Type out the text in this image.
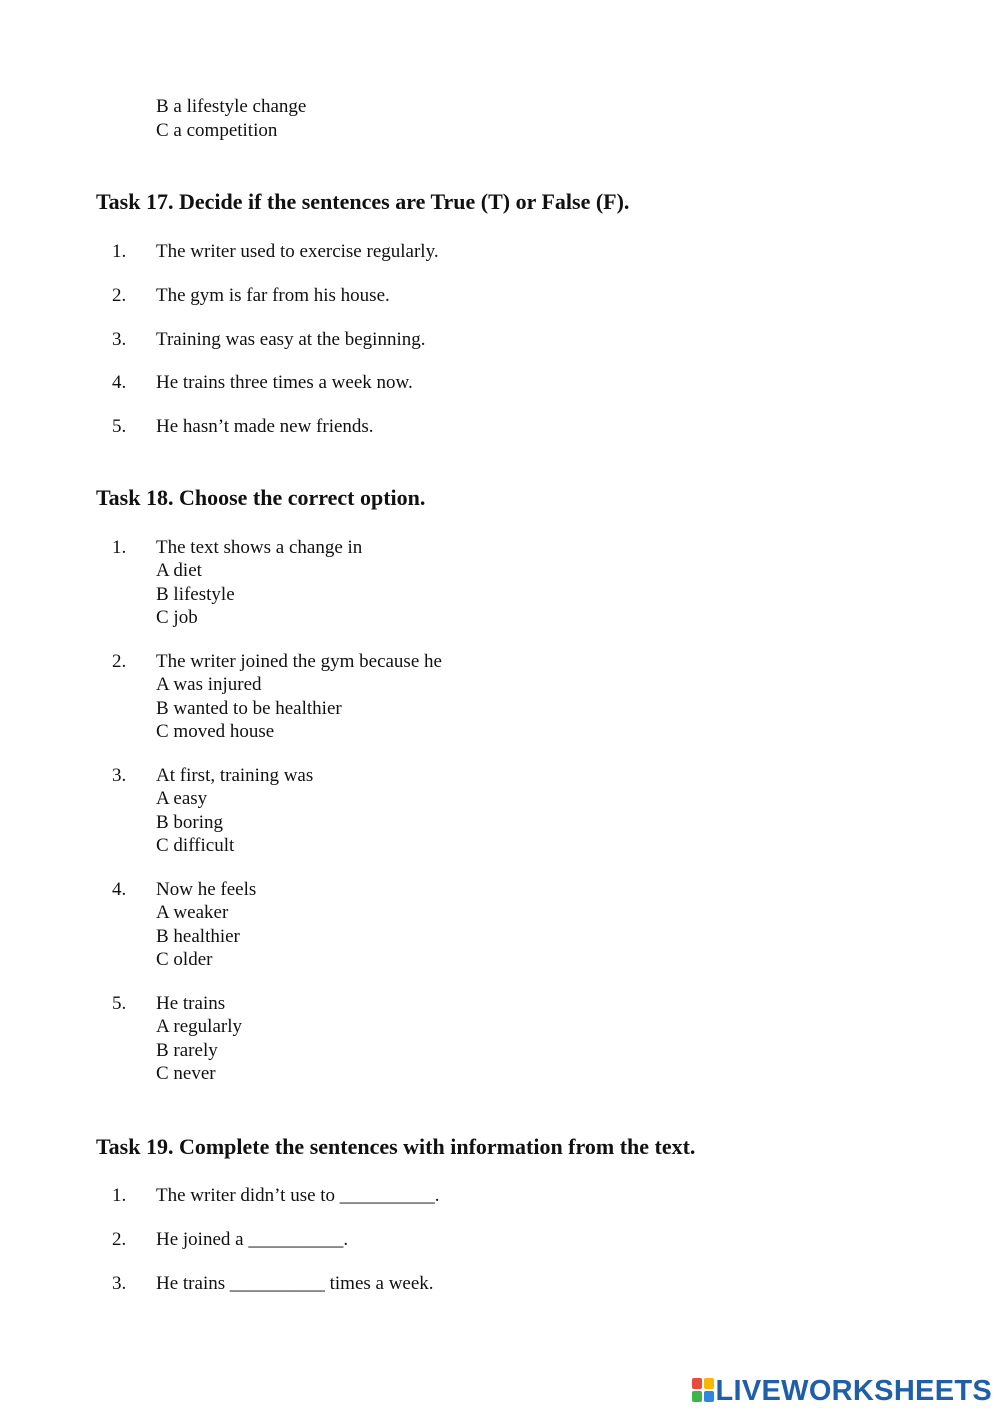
B a lifestyle change
C a competition
Task 17. Decide if the sentences are True (T) or False (F).
1. The writer used to exercise regularly.
2. The gym is far from his house.
3. Training was easy at the beginning.
4. He trains three times a week now.
5. He hasn’t made new friends.
Task 18. Choose the correct option.
1. The text shows a change in
A diet
B lifestyle
C job
2. The writer joined the gym because he
A was injured
B wanted to be healthier
C moved house
3. At first, training was
A easy
B boring
C difficult
4. Now he feels
A weaker
B healthier
C older
5. He trains
A regularly
B rarely
C never
Task 19. Complete the sentences with information from the text.
1. The writer didn’t use to __________.
2. He joined a __________.
3. He trains __________ times a week.
LIVEWORKSHEETS
